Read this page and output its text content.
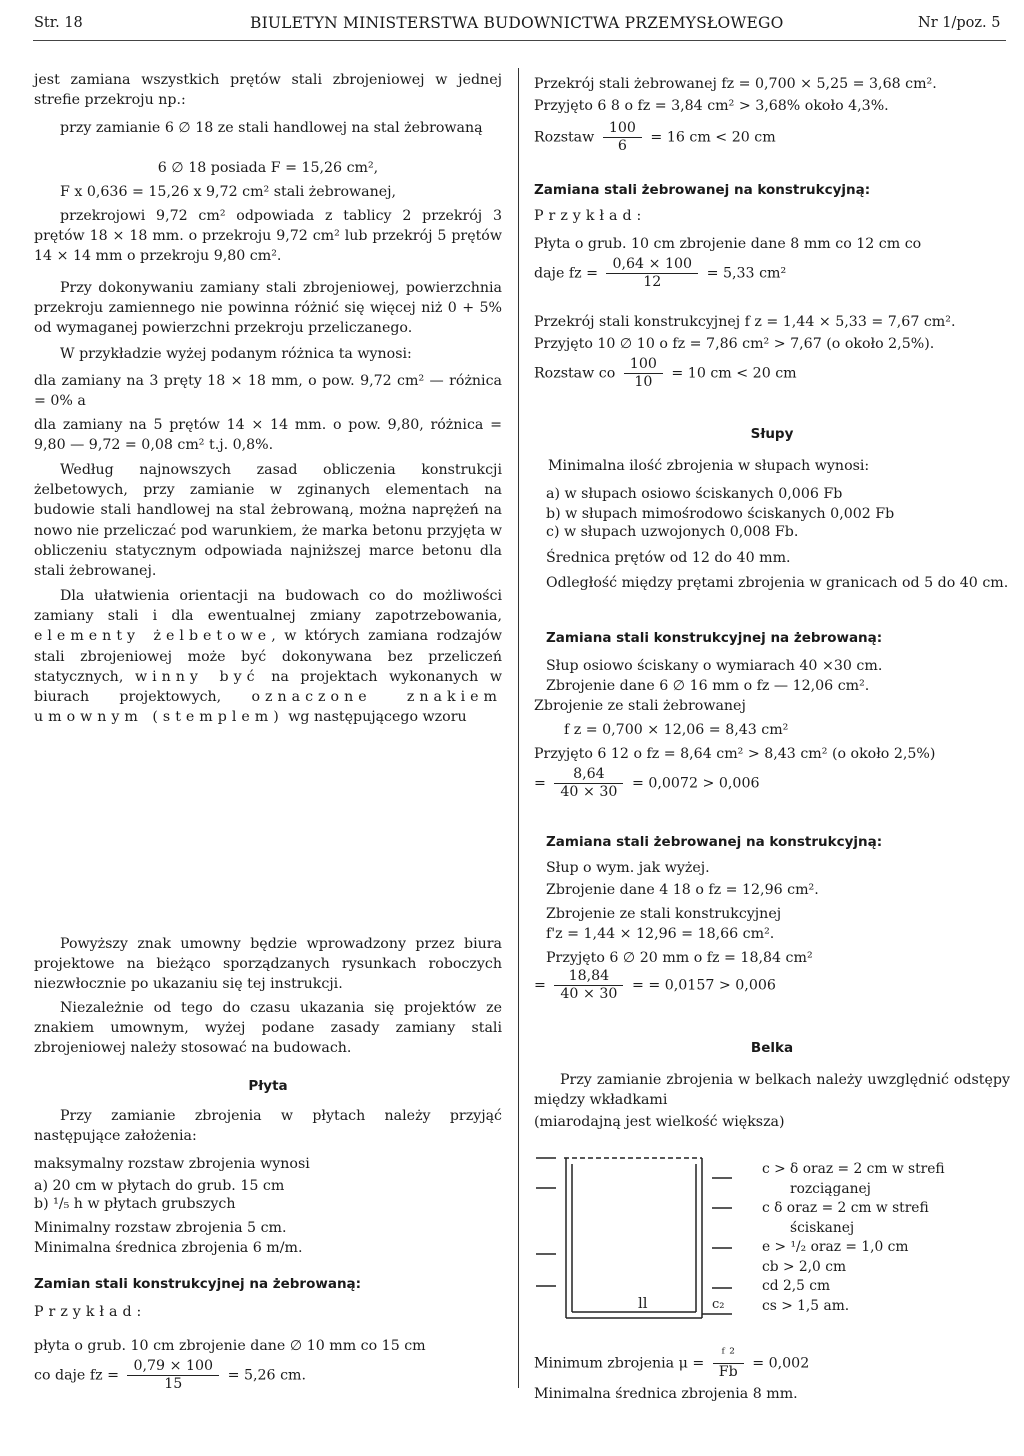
Str. 18	BIULETYN MINISTERSTWA BUDOWNICTWA PRZEMYSŁOWEGO	Nr 1/poz. 5

jest zamiana wszystkich prętów stali zbrojeniowej w jednej strefie przekroju np.:

przy zamianie 6 ∅ 18 ze stali handlowej na stal żebrowaną

6 ∅ 18 posiada F = 15,26 cm²,

F x 0,636 = 15,26 x 9,72 cm² stali żebrowanej,

przekrojowi 9,72 cm² odpowiada z tablicy 2 przekrój 3 prętów 18 × 18 mm. o przekroju 9,72 cm² lub przekrój 5 prętów 14 × 14 mm o przekroju 9,80 cm².

Przy dokonywaniu zamiany stali zbrojeniowej, powierzchnia przekroju zamiennego nie powinna różnić się więcej niż 0 + 5% od wymaganej powierzchni przekroju przeliczanego.

W przykładzie wyżej podanym różnica ta wynosi:

dla zamiany na 3 pręty 18 × 18 mm, o pow. 9,72 cm² — różnica = 0% a

dla zamiany na 5 prętów 14 × 14 mm. o pow. 9,80, różnica = 9,80 — 9,72 = 0,08 cm² t.j. 0,8%.

Według najnowszych zasad obliczenia konstrukcji żelbetowych, przy zamianie w zginanych elementach na budowie stali handlowej na stal żebrowaną, można naprężeń na nowo nie przeliczać pod warunkiem, że marka betonu przyjęta w obliczeniu statycznym odpowiada najniższej marce betonu dla stali żebrowanej.

Dla ułatwienia orientacji na budowach co do możliwości zamiany stali i dla ewentualnej zmiany zapotrzebowania, elementy żelbetowe, w których zamiana rodzajów stali zbrojeniowej może być dokonywana bez przeliczeń statycznych, winny być na projektach wykonanych w biurach projektowych, oznaczone znakiem umownym (stemplem) wg następującego wzoru

Powyższy znak umowny będzie wprowadzony przez biura projektowe na bieżąco sporządzanych rysunkach roboczych niezwłocznie po ukazaniu się tej instrukcji.

Niezależnie od tego do czasu ukazania się projektów ze znakiem umownym, wyżej podane zasady zamiany stali zbrojeniowej należy stosować na budowach.

Płyta

Przy zamianie zbrojenia w płytach należy przyjąć następujące założenia:

maksymalny rozstaw zbrojenia wynosi

a) 20 cm w płytach do grub. 15 cm

b) ¹/₅ h w płytach grubszych

Minimalny rozstaw zbrojenia 5 cm.

Minimalna średnica zbrojenia 6 m/m.

Zamian stali konstrukcyjnej na żebrowaną:

Przykład:

płyta o grub. 10 cm zbrojenie dane ∅ 10 mm co 15 cm

co daje fz = $\frac{0,79 \times 100}{15} = 5,26$ cm.

Przekrój stali żebrowanej fz = 0,700 × 5,25 = 3,68 cm².

Przyjęto 6 8 o fz = 3,84 cm² > 3,68% około 4,3%.

Rozstaw $\frac{100}{6} = 16$ cm < 20 cm

Zamiana stali żebrowanej na konstrukcyjną:

Przykład:

Płyta o grub. 10 cm zbrojenie dane 8 mm co 12 cm co

daje fz = $\frac{0,64 \times 100}{12} = 5,33$ cm²

Przekrój stali konstrukcyjnej f z = 1,44 × 5,33 = 7,67 cm².

Przyjęto 10 ∅ 10 o fz = 7,86 cm² > 7,67 (o około 2,5%).

Rozstaw co $\frac{100}{10} = 10$ cm < 20 cm

Słupy

Minimalna ilość zbrojenia w słupach wynosi:

a) w słupach osiowo ściskanych 0,006 Fb

b) w słupach mimośrodowo ściskanych 0,002 Fb

c) w słupach uzwojonych 0,008 Fb.

Średnica prętów od 12 do 40 mm.

Odległość między prętami zbrojenia w granicach od 5 do 40 cm.

Zamiana stali konstrukcyjnej na żebrowaną:

Słup osiowo ściskany o wymiarach 40 ×30 cm.

Zbrojenie dane 6 ∅ 16 mm o fz — 12,06 cm².

Zbrojenie ze stali żebrowanej

f z = 0,700 × 12,06 = 8,43 cm²

Przyjęto 6 12 o fz = 8,64 cm² > 8,43 cm² (o około 2,5%)

= $\frac{8,64}{40 \times 30} = 0,0072 > 0,006$

Zamiana stali żebrowanej na konstrukcyjną:

Słup o wym. jak wyżej.

Zbrojenie dane 4 18 o fz = 12,96 cm².

Zbrojenie ze stali konstrukcyjnej

f'z = 1,44 × 12,96 = 18,66 cm².

Przyjęto 6 ∅ 20 mm o fz = 18,84 cm²

= $\frac{18,84}{40 \times 30}$ = = 0,0157 > 0,006

Belka

Przy zamianie zbrojenia w belkach należy uwzględnić odstępy między wkładkami

(miarodajną jest wielkość większa)

ll	c₂

c > δ oraz = 2 cm w strefi

rozciąganej

c δ oraz = 2 cm w strefi

ściskanej

e > ¹/₂ oraz = 1,0 cm

cb > 2,0 cm

cd 2,5 cm

cs > 1,5 am.

Minimum zbrojenia $\mu = \frac{\text{ᶠ ²}}{Fb} = 0,002$

Minimalna średnica zbrojenia 8 mm.
